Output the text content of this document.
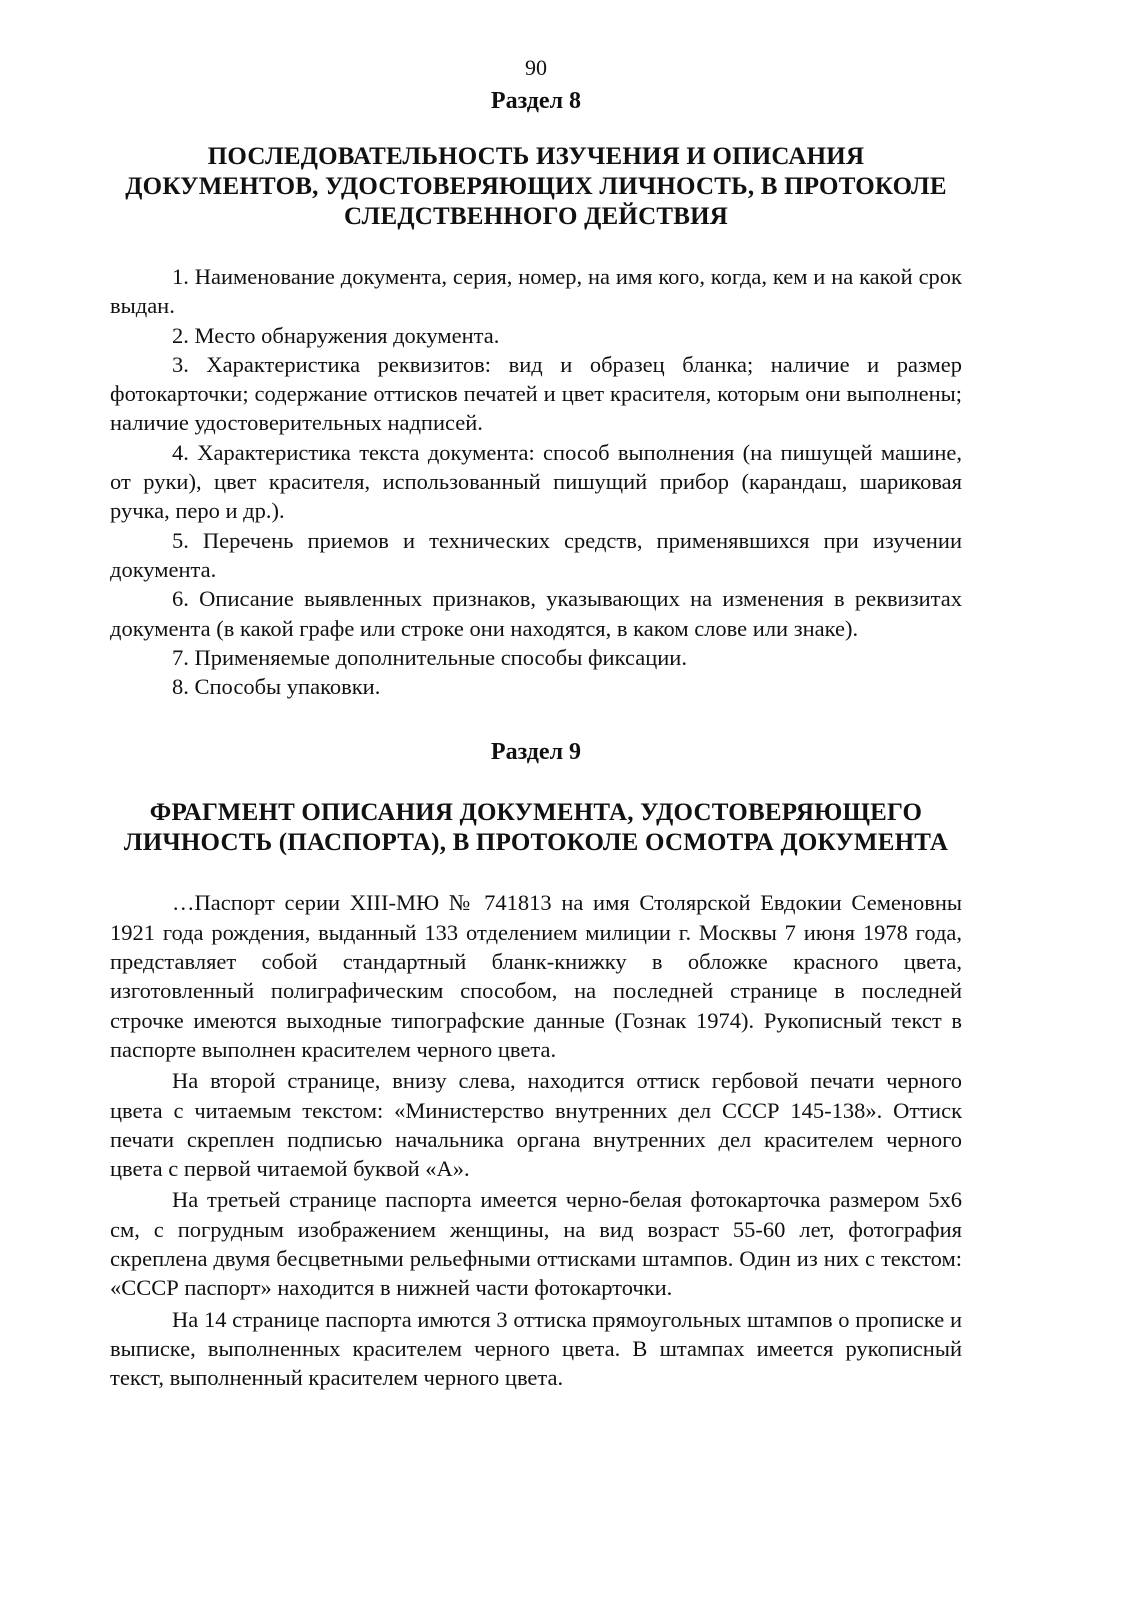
90
Раздел 8
ПОСЛЕДОВАТЕЛЬНОСТЬ ИЗУЧЕНИЯ И ОПИСАНИЯ
ДОКУМЕНТОВ, УДОСТОВЕРЯЮЩИХ ЛИЧНОСТЬ, В ПРОТОКОЛЕ
СЛЕДСТВЕННОГО ДЕЙСТВИЯ

1. Наименование документа, серия, номер, на имя кого, когда, кем и на какой срок выдан.

2. Место обнаружения документа.

3. Характеристика реквизитов: вид и образец бланка; наличие и размер фотокарточки; содержание оттисков печатей и цвет красителя, которым они выполнены; наличие удостоверительных надписей.

4. Характеристика текста документа: способ выполнения (на пишущей машине, от руки), цвет красителя, использованный пишущий прибор (карандаш, шариковая ручка, перо и др.).

5. Перечень приемов и технических средств, применявшихся при изучении документа.

6. Описание выявленных признаков, указывающих на изменения в реквизитах документа (в какой графе или строке они находятся, в каком слове или знаке).

7. Применяемые дополнительные способы фиксации.

8. Способы упаковки.

Раздел 9
ФРАГМЕНТ ОПИСАНИЯ ДОКУМЕНТА, УДОСТОВЕРЯЮЩЕГО
ЛИЧНОСТЬ (ПАСПОРТА), В ПРОТОКОЛЕ ОСМОТРА ДОКУМЕНТА

…Паспорт серии XIII-МЮ № 741813 на имя Столярской Евдокии Семеновны 1921 года рождения, выданный 133 отделением милиции г. Москвы 7 июня 1978 года, представляет собой стандартный бланк-книжку в обложке красного цвета, изготовленный полиграфическим способом, на последней странице в последней строчке имеются выходные типографские данные (Гознак 1974). Рукописный текст в паспорте выполнен красителем черного цвета.

На второй странице, внизу слева, находится оттиск гербовой печати черного цвета с читаемым текстом: «Министерство внутренних дел СССР 145-138». Оттиск печати скреплен подписью начальника органа внутренних дел красителем черного цвета с первой читаемой буквой «А».

На третьей странице паспорта имеется черно-белая фотокарточка размером 5х6 см, с погрудным изображением женщины, на вид возраст 55-60 лет, фотография скреплена двумя бесцветными рельефными оттисками штампов. Один из них с текстом: «СССР паспорт» находится в нижней части фотокарточки.

На 14 странице паспорта имются 3 оттиска прямоугольных штампов о прописке и выписке, выполненных красителем черного цвета. В штампах имеется рукописный текст, выполненный красителем черного цвета.
